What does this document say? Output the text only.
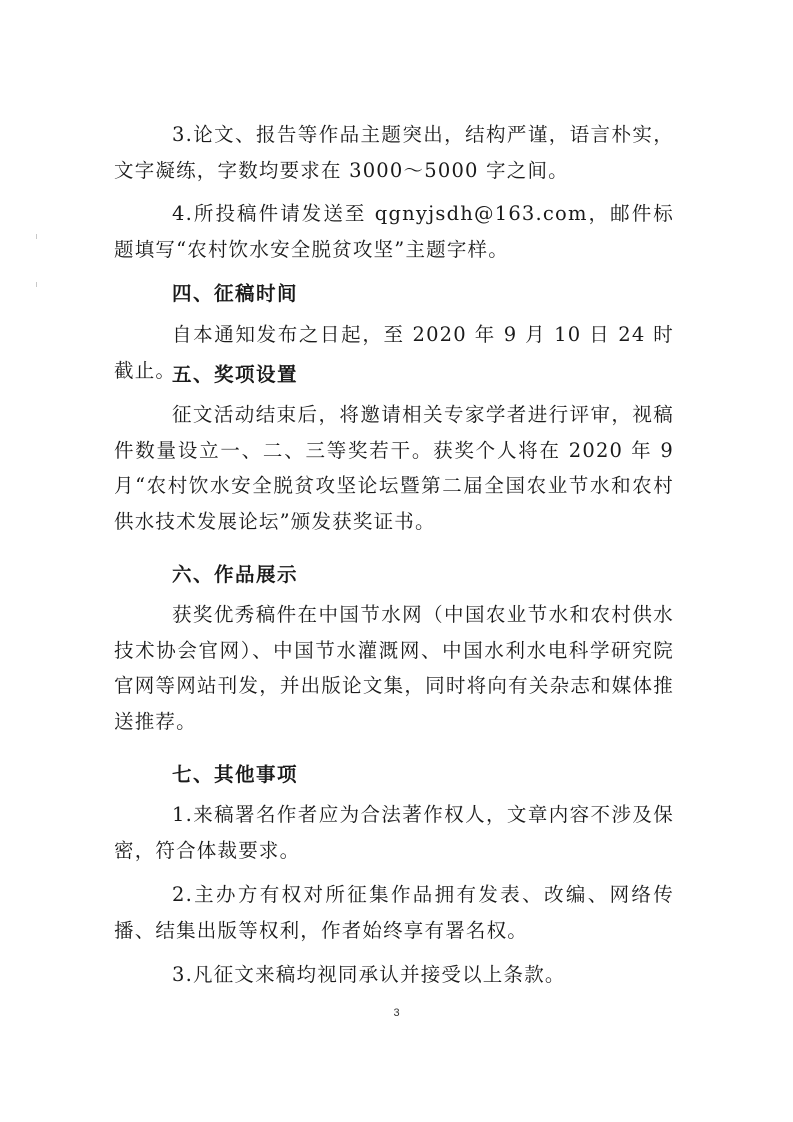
3.论文、报告等作品主题突出，结构严谨，语言朴实，文字凝练，字数均要求在 3000～5000 字之间。

4.所投稿件请发送至 qgnyjsdh@163.com，邮件标题填写“农村饮水安全脱贫攻坚”主题字样。

四、征稿时间

自本通知发布之日起，至 2020 年 9 月 10 日 24 时截止。

五、奖项设置

征文活动结束后，将邀请相关专家学者进行评审，视稿件数量设立一、二、三等奖若干。获奖个人将在 2020 年 9 月“农村饮水安全脱贫攻坚论坛暨第二届全国农业节水和农村供水技术发展论坛”颁发获奖证书。

六、作品展示

获奖优秀稿件在中国节水网（中国农业节水和农村供水技术协会官网）、中国节水灌溉网、中国水利水电科学研究院官网等网站刊发，并出版论文集，同时将向有关杂志和媒体推送推荐。

七、其他事项

1.来稿署名作者应为合法著作权人，文章内容不涉及保密，符合体裁要求。

2.主办方有权对所征集作品拥有发表、改编、网络传播、结集出版等权利，作者始终享有署名权。

3.凡征文来稿均视同承认并接受以上条款。

3
